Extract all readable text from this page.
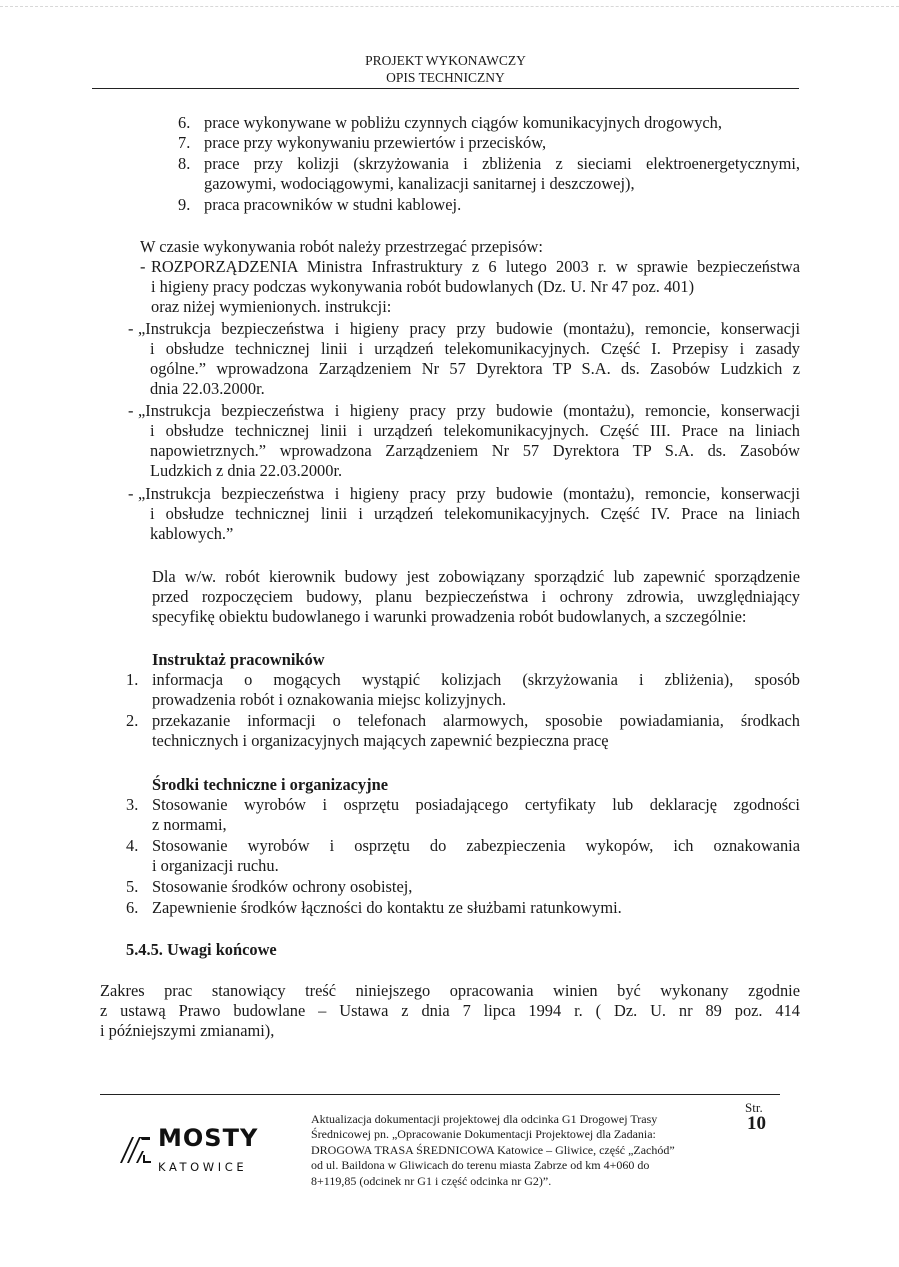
PROJEKT WYKONAWCZY
OPIS TECHNICZNY
6. prace wykonywane w pobliżu czynnych ciągów komunikacyjnych drogowych,
7. prace przy wykonywaniu przewiertów i przecisków,
8. prace przy kolizji (skrzyżowania i zbliżenia z sieciami elektroenergetycznymi,
gazowymi, wodociągowymi, kanalizacji sanitarnej i deszczowej),
9. praca pracowników w studni kablowej.
W czasie wykonywania robót należy przestrzegać przepisów:
- ROZPORZĄDZENIA Ministra Infrastruktury z 6 lutego 2003 r. w sprawie bezpieczeństwa
i higieny pracy podczas wykonywania robót budowlanych (Dz. U. Nr 47 poz. 401)
oraz niżej wymienionych. instrukcji:
- „Instrukcja bezpieczeństwa i higieny pracy przy budowie (montażu), remoncie, konserwacji
i obsłudze technicznej linii i urządzeń telekomunikacyjnych. Część I. Przepisy i zasady
ogólne.” wprowadzona Zarządzeniem Nr 57 Dyrektora TP S.A. ds. Zasobów Ludzkich z
dnia 22.03.2000r.
- „Instrukcja bezpieczeństwa i higieny pracy przy budowie (montażu), remoncie, konserwacji
i obsłudze technicznej linii i urządzeń telekomunikacyjnych. Część III. Prace na liniach
napowietrznych.” wprowadzona Zarządzeniem Nr 57 Dyrektora TP S.A. ds. Zasobów
Ludzkich z dnia 22.03.2000r.
- „Instrukcja bezpieczeństwa i higieny pracy przy budowie (montażu), remoncie, konserwacji
i obsłudze technicznej linii i urządzeń telekomunikacyjnych. Część IV. Prace na liniach
kablowych.”
Dla w/w. robót kierownik budowy jest zobowiązany sporządzić lub zapewnić sporządzenie
przed rozpoczęciem budowy, planu bezpieczeństwa i ochrony zdrowia, uwzględniający
specyfikę obiektu budowlanego i warunki prowadzenia robót budowlanych, a szczególnie:
Instruktaż pracowników
1. informacja o mogących wystąpić kolizjach (skrzyżowania i zbliżenia), sposób
prowadzenia robót i oznakowania miejsc kolizyjnych.
2. przekazanie informacji o telefonach alarmowych, sposobie powiadamiania, środkach
technicznych i organizacyjnych mających zapewnić bezpieczna pracę
Środki techniczne i organizacyjne
3. Stosowanie wyrobów i osprzętu posiadającego certyfikaty lub deklarację zgodności
z normami,
4. Stosowanie wyrobów i osprzętu do zabezpieczenia wykopów, ich oznakowania
i organizacji ruchu.
5. Stosowanie środków ochrony osobistej,
6. Zapewnienie środków łączności do kontaktu ze służbami ratunkowymi.
5.4.5. Uwagi końcowe
Zakres prac stanowiący treść niniejszego opracowania winien być wykonany zgodnie
z ustawą Prawo budowlane – Ustawa z dnia 7 lipca 1994 r. ( Dz. U. nr 89 poz. 414
i późniejszymi zmianami),
MOSTY
KATOWICE
Aktualizacja dokumentacji projektowej dla odcinka G1 Drogowej Trasy
Średnicowej pn. „Opracowanie Dokumentacji Projektowej dla Zadania:
DROGOWA TRASA ŚREDNICOWA Katowice – Gliwice, część „Zachód”
od ul. Baildona w Gliwicach do terenu miasta Zabrze od km 4+060 do
8+119,85 (odcinek nr G1 i część odcinka nr G2)”.
Str.
10
